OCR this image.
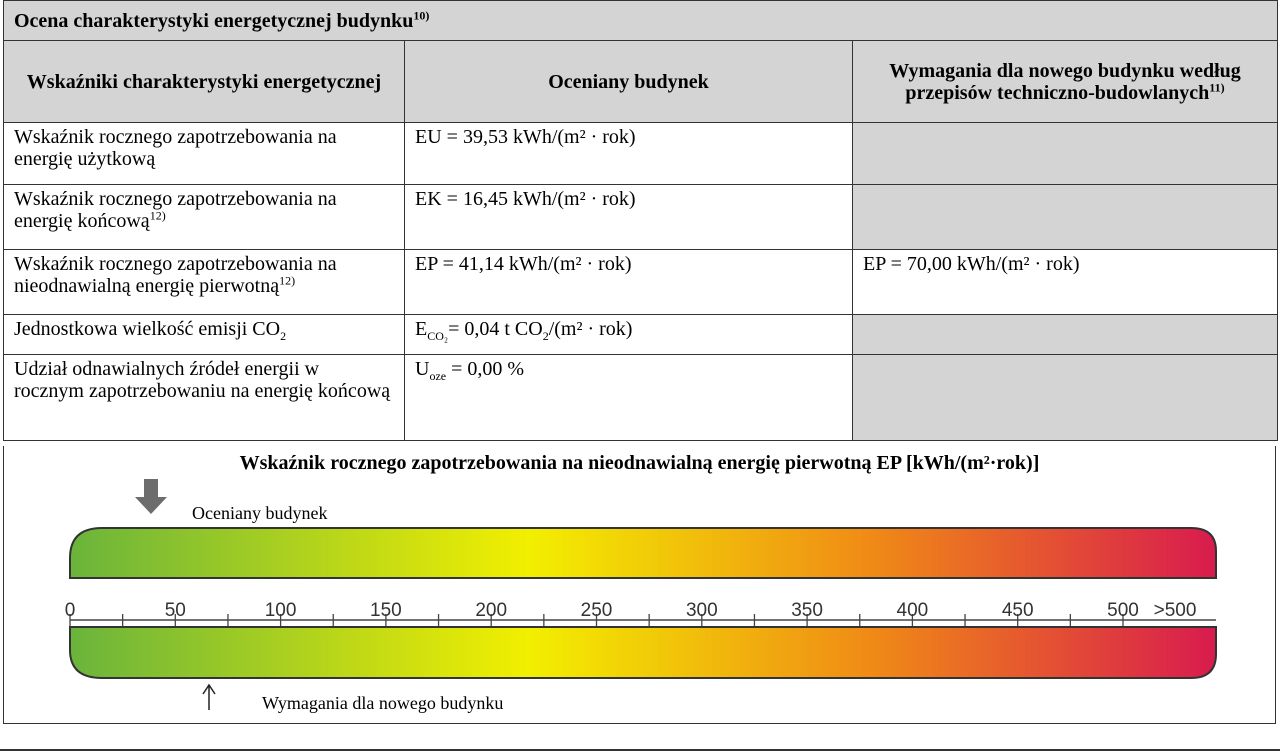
Ocena charakterystyki energetycznej budynku$^{10)}$
Wskaźniki charakterystyki energetycznej	Oceniany budynek	Wymagania dla nowego budynku według przepisów techniczno-budowlanych$^{11)}$
Wskaźnik rocznego zapotrzebowania na energię użytkową	EU = 39,53 kWh/(m² · rok)	
Wskaźnik rocznego zapotrzebowania na energię końcową$^{12)}$	EK = 16,45 kWh/(m² · rok)	
Wskaźnik rocznego zapotrzebowania na nieodnawialną energię pierwotną$^{12)}$	EP = 41,14 kWh/(m² · rok)	EP = 70,00 kWh/(m² · rok)
Jednostkowa wielkość emisji $CO_2$	$E_{CO_2}= 0,04$ t $CO_2/(m^2 \cdot rok)$	
Udział odnawialnych źródeł energii w rocznym zapotrzebowaniu na energię końcową	$U_{oze} = 0,00$ %	
Wskaźnik rocznego zapotrzebowania na nieodnawialną energię pierwotną EP [kWh/(m²·rok)]
Oceniany budynek
0	50	100	150	200	250	300	350	400	450	500 >500
Wymagania dla nowego budynku
